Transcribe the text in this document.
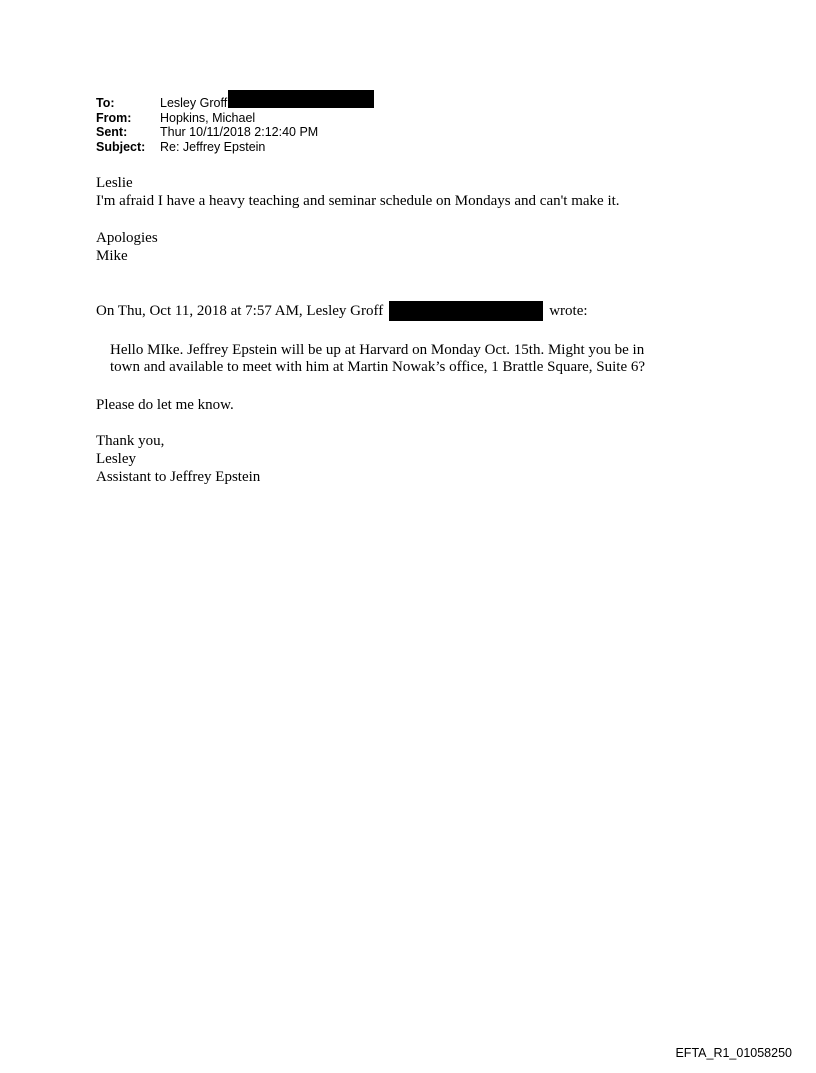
To:	Lesley Groff
From:	Hopkins, Michael
Sent:	Thur 10/11/2018 2:12:40 PM
Subject:	Re: Jeffrey Epstein
Leslie
I'm afraid I have a heavy teaching and seminar schedule on Mondays and can't make it.
Apologies
Mike
On Thu, Oct 11, 2018 at 7:57 AM, Lesley Groff	wrote:
Hello MIke. Jeffrey Epstein will be up at Harvard on Monday Oct. 15th. Might you be in
town and available to meet with him at Martin Nowak’s office, 1 Brattle Square, Suite 6?
Please do let me know.
Thank you,
Lesley
Assistant to Jeffrey Epstein
EFTA_R1_01058250
